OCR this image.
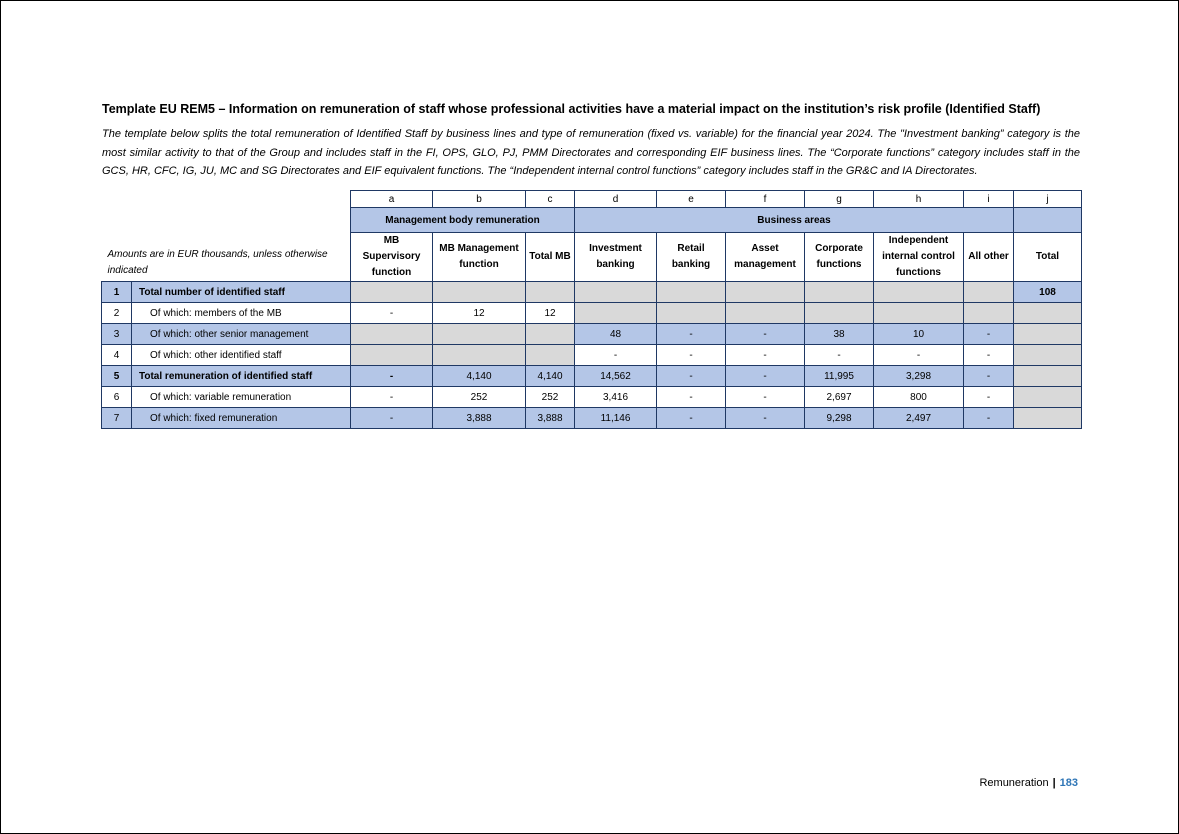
Template EU REM5 – Information on remuneration of staff whose professional activities have a material impact on the institution’s risk profile (Identified Staff)

The template below splits the total remuneration of Identified Staff by business lines and type of remuneration (fixed vs. variable) for the financial year 2024. The "Investment banking” category is the most similar activity to that of the Group and includes staff in the FI, OPS, GLO, PJ, PMM Directorates and corresponding EIF business lines. The “Corporate functions” category includes staff in the GCS, HR, CFC, IG, JU, MC and SG Directorates and EIF equivalent functions. The “Independent internal control functions” category includes staff in the GR&C and IA Directorates.

		a	b	c	d	e	f	g	h	i	j
Amounts are in EUR thousands, unless otherwise indicated		Management body remuneration			Business areas						
		MB Supervisory function	MB Management function	Total MB	Investment banking	Retail banking	Asset management	Corporate functions	Independent internal control functions	All other	Total
1	Total number of identified staff										108
2	Of which: members of the MB	-	12	12							
3	Of which: other senior management				48	-	-	38	10	-	
4	Of which: other identified staff				-	-	-	-	-	-	
5	Total remuneration of identified staff	-	4,140	4,140	14,562	-	-	11,995	3,298	-	
6	Of which: variable remuneration	-	252	252	3,416	-	-	2,697	800	-	
7	Of which: fixed remuneration	-	3,888	3,888	11,146	-	-	9,298	2,497	-	
Remuneration | 183
